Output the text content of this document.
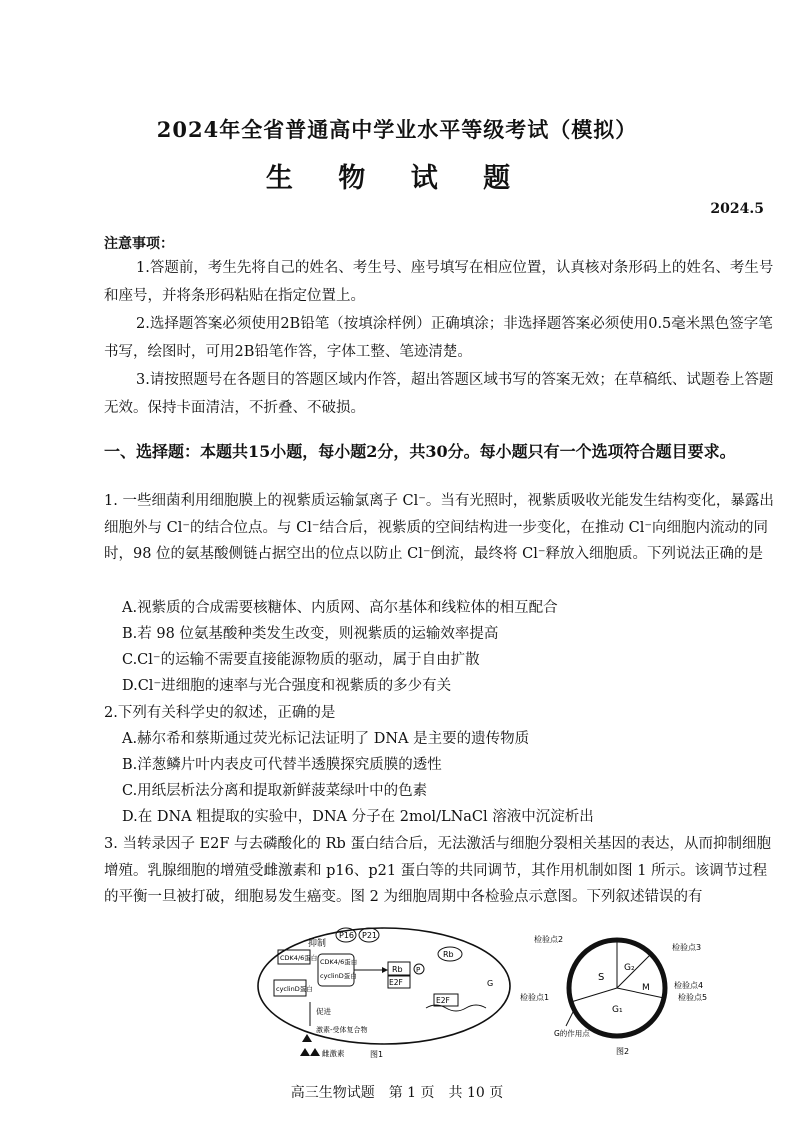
2024年全省普通高中学业水平等级考试（模拟）
生 物 试 题
2024.5
注意事项：
1.答题前，考生先将自己的姓名、考生号、座号填写在相应位置，认真核对条形码上的姓名、考生号和座号，并将条形码粘贴在指定位置上。
2.选择题答案必须使用2B铅笔（按填涂样例）正确填涂；非选择题答案必须使用0.5毫米黑色签字笔书写，绘图时，可用2B铅笔作答，字体工整、笔迹清楚。
3.请按照题号在各题目的答题区域内作答，超出答题区域书写的答案无效；在草稿纸、试题卷上答题无效。保持卡面清洁，不折叠、不破损。
一、选择题：本题共15小题，每小题2分，共30分。每小题只有一个选项符合题目要求。
1. 一些细菌利用细胞膜上的视紫质运输氯离子 Cl⁻。当有光照时，视紫质吸收光能发生结构变化，暴露出细胞外与 Cl⁻的结合位点。与 Cl⁻结合后，视紫质的空间结构进一步变化，在推动 Cl⁻向细胞内流动的同时，98 位的氨基酸侧链占据空出的位点以防止 Cl⁻倒流，最终将 Cl⁻释放入细胞质。下列说法正确的是
A.视紫质的合成需要核糖体、内质网、高尔基体和线粒体的相互配合
B.若 98 位氨基酸种类发生改变，则视紫质的运输效率提高
C.Cl⁻的运输不需要直接能源物质的驱动，属于自由扩散
D.Cl⁻进细胞的速率与光合强度和视紫质的多少有关
2.下列有关科学史的叙述，正确的是
A.赫尔希和蔡斯通过荧光标记法证明了 DNA 是主要的遗传物质
B.洋葱鳞片叶内表皮可代替半透膜探究质膜的透性
C.用纸层析法分离和提取新鲜菠菜绿叶中的色素
D.在 DNA 粗提取的实验中，DNA 分子在 2mol/LNaCl 溶液中沉淀析出
3. 当转录因子 E2F 与去磷酸化的 Rb 蛋白结合后，无法激活与细胞分裂相关基因的表达，从而抑制细胞增殖。乳腺细胞的增殖受雌激素和 p16、p21 蛋白等的共同调节，其作用机制如图 1 所示。该调节过程的平衡一旦被打破，细胞易发生癌变。图 2 为细胞周期中各检验点示意图。下列叙述错误的有
抑制
P16 P21
CDK4/6蛋白 CDK4/6蛋白
cyclinD蛋白
cyclinD蛋白
Rb P
Rb
E2F
E2F
G
促进
激素-受体复合物
雌激素	图1
S
G₂
M
G₁
检验点2
检验点3
检验点4
检验点5
检验点1
G的作用点
图2
高三生物试题　第 1 页　共 10 页
